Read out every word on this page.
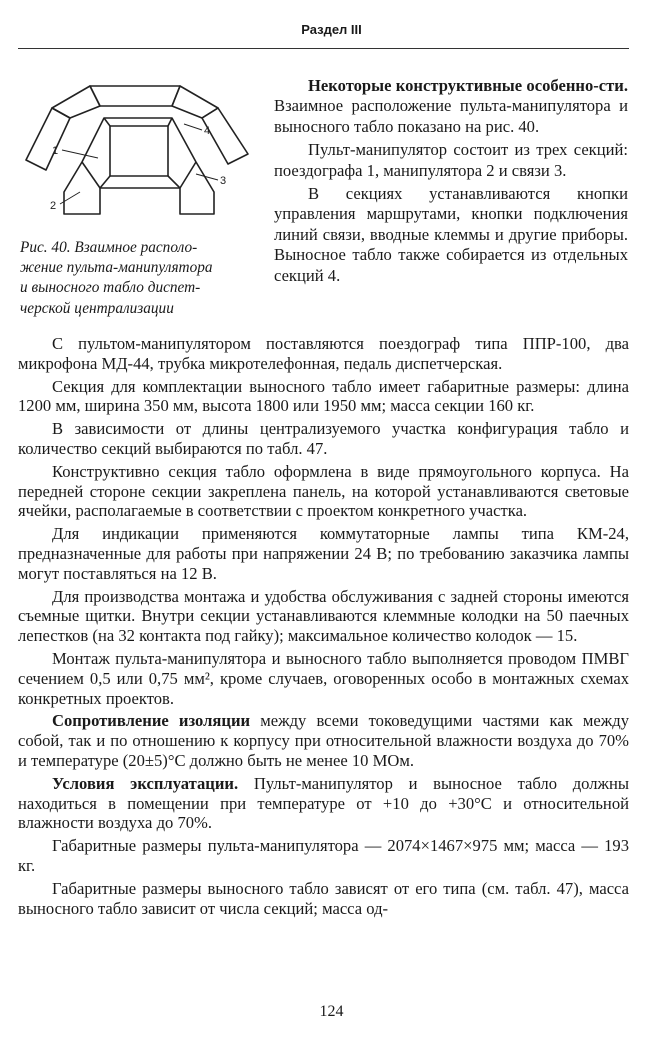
Раздел III
1
2
3
4
Рис. 40. Взаимное располо-
жение пульта-манипулятора
и выносного табло диспет-
черской централизации

Некоторые конструктивные особенно-сти. Взаимное расположение пульта-манипулятора и выносного табло показано на рис. 40.

Пульт-манипулятор состоит из трех секций: поездографа 1, манипулятора 2 и связи 3.

В секциях устанавливаются кнопки управления маршрутами, кнопки подключения линий связи, вводные клеммы и другие приборы. Выносное табло также собирается из отдельных секций 4.

С пультом-манипулятором поставляются поездограф типа ППР-100, два микрофона МД-44, трубка микротелефонная, педаль диспетчерская.

Секция для комплектации выносного табло имеет габаритные размеры: длина 1200 мм, ширина 350 мм, высота 1800 или 1950 мм; масса секции 160 кг.

В зависимости от длины централизуемого участка конфигурация табло и количество секций выбираются по табл. 47.

Конструктивно секция табло оформлена в виде прямоугольного корпуса. На передней стороне секции закреплена панель, на которой устанавливаются световые ячейки, располагаемые в соответствии с проектом конкретного участка.

Для индикации применяются коммутаторные лампы типа КМ-24, предназначенные для работы при напряжении 24 В; по требованию заказчика лампы могут поставляться на 12 В.

Для производства монтажа и удобства обслуживания с задней стороны имеются съемные щитки. Внутри секции устанавливаются клеммные колодки на 50 паечных лепестков (на 32 контакта под гайку); максимальное количество колодок — 15.

Монтаж пульта-манипулятора и выносного табло выполняется проводом ПМВГ сечением 0,5 или 0,75 мм², кроме случаев, оговоренных особо в монтажных схемах конкретных проектов.

Сопротивление изоляции между всеми токоведущими частями как между собой, так и по отношению к корпусу при относительной влажности воздуха до 70% и температуре (20±5)°С должно быть не менее 10 МОм.

Условия эксплуатации. Пульт-манипулятор и выносное табло должны находиться в помещении при температуре от +10 до +30°С и относительной влажности воздуха до 70%.

Габаритные размеры пульта-манипулятора — 2074×1467×975 мм; масса — 193 кг.

Габаритные размеры выносного табло зависят от его типа (см. табл. 47), масса выносного табло зависит от числа секций; масса од-

124
